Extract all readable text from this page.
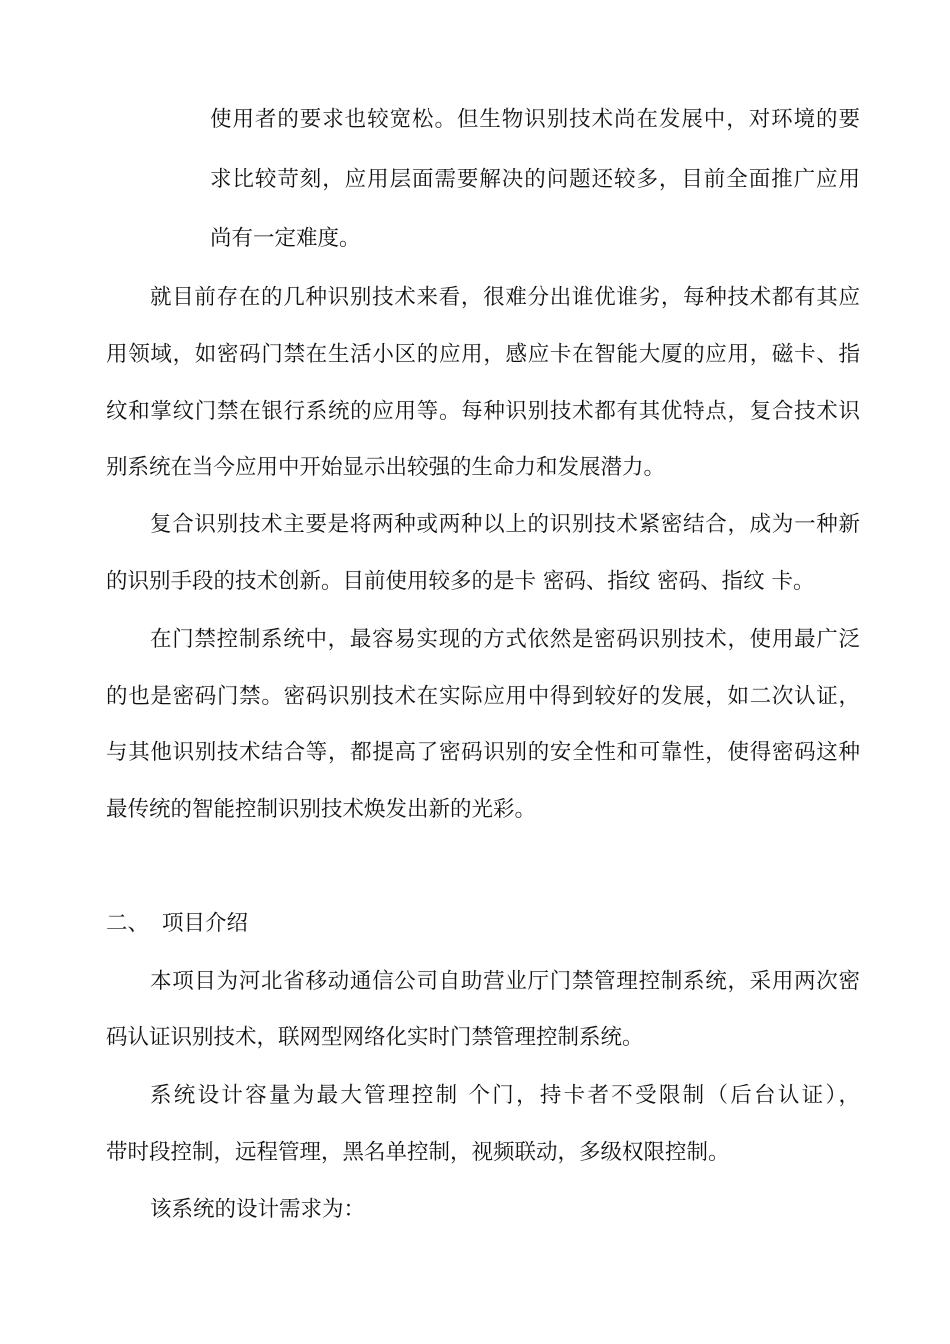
使用者的要求也较宽松。但生物识别技术尚在发展中，对环境的要
求比较苛刻，应用层面需要解决的问题还较多，目前全面推广应用
尚有一定难度。
就目前存在的几种识别技术来看，很难分出谁优谁劣，每种技术都有其应
用领域，如密码门禁在生活小区的应用，感应卡在智能大厦的应用，磁卡、指
纹和掌纹门禁在银行系统的应用等。每种识别技术都有其优特点，复合技术识
别系统在当今应用中开始显示出较强的生命力和发展潜力。
复合识别技术主要是将两种或两种以上的识别技术紧密结合，成为一种新
的识别手段的技术创新。目前使用较多的是卡 密码、指纹 密码、指纹 卡。
在门禁控制系统中，最容易实现的方式依然是密码识别技术，使用最广泛
的也是密码门禁。密码识别技术在实际应用中得到较好的发展，如二次认证，
与其他识别技术结合等，都提高了密码识别的安全性和可靠性，使得密码这种
最传统的智能控制识别技术焕发出新的光彩。
二、 项目介绍
本项目为河北省移动通信公司自助营业厅门禁管理控制系统，采用两次密
码认证识别技术，联网型网络化实时门禁管理控制系统。
系统设计容量为最大管理控制 个门，持卡者不受限制（后台认证），
带时段控制，远程管理，黑名单控制，视频联动，多级权限控制。
该系统的设计需求为：
